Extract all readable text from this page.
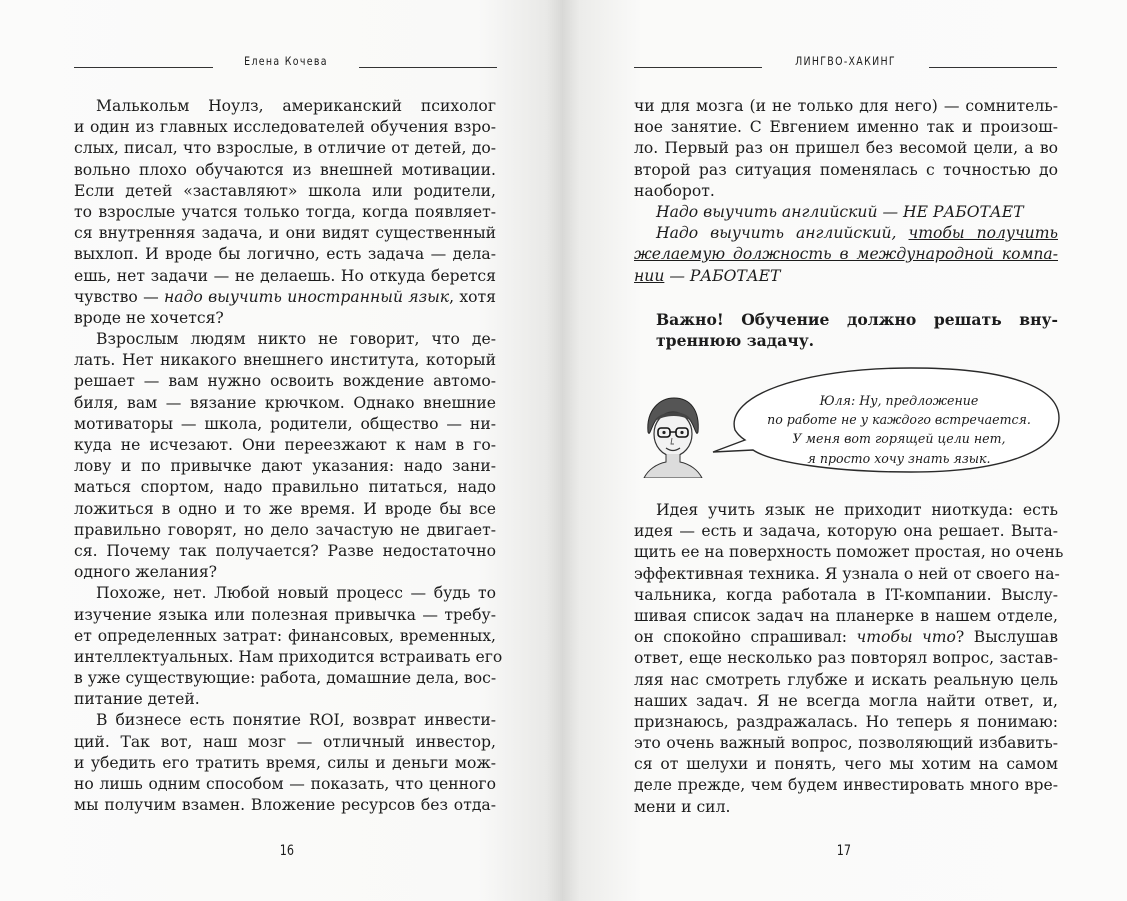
Елена Кочева
Малькольм Ноулз, американский психолог
и один из главных исследователей обучения взро-
слых, писал, что взрослые, в отличие от детей, до-
вольно плохо обучаются из внешней мотивации.
Если детей «заставляют» школа или родители,
то взрослые учатся только тогда, когда появляет-
ся внутренняя задача, и они видят существенный
выхлоп. И вроде бы логично, есть задача — дела-
ешь, нет задачи — не делаешь. Но откуда берется
чувство — надо выучить иностранный язык, хотя
вроде не хочется?
Взрослым людям никто не говорит, что де-
лать. Нет никакого внешнего института, который
решает — вам нужно освоить вождение автомо-
биля, вам — вязание крючком. Однако внешние
мотиваторы — школа, родители, общество — ни-
куда не исчезают. Они переезжают к нам в го-
лову и по привычке дают указания: надо зани-
маться спортом, надо правильно питаться, надо
ложиться в одно и то же время. И вроде бы все
правильно говорят, но дело зачастую не двигает-
ся. Почему так получается? Разве недостаточно
одного желания?
Похоже, нет. Любой новый процесс — будь то
изучение языка или полезная привычка — требу-
ет определенных затрат: финансовых, временных,
интеллектуальных. Нам приходится встраивать его
в уже существующие: работа, домашние дела, вос-
питание детей.
В бизнесе есть понятие ROI, возврат инвести-
ций. Так вот, наш мозг — отличный инвестор,
и убедить его тратить время, силы и деньги мож-
но лишь одним способом — показать, что ценного
мы получим взамен. Вложение ресурсов без отда-
16
ЛИНГВО-ХАКИНГ
чи для мозга (и не только для него) — сомнитель-
ное занятие. С Евгением именно так и произош-
ло. Первый раз он пришел без весомой цели, а во
второй раз ситуация поменялась с точностью до
наоборот.
Надо выучить английский — НЕ РАБОТАЕТ
Надо выучить английский, чтобы получить
желаемую должность в международной компа-
нии — РАБОТАЕТ
Важно! Обучение должно решать вну-
треннюю задачу.
Юля: Ну, предложение
по работе не у каждого встречается.
У меня вот горящей цели нет,
я просто хочу знать язык.
Идея учить язык не приходит ниоткуда: есть
идея — есть и задача, которую она решает. Выта-
щить ее на поверхность поможет простая, но очень
эффективная техника. Я узнала о ней от своего на-
чальника, когда работала в IT-компании. Выслу-
шивая список задач на планерке в нашем отделе,
он спокойно спрашивал: чтобы что? Выслушав
ответ, еще несколько раз повторял вопрос, застав-
ляя нас смотреть глубже и искать реальную цель
наших задач. Я не всегда могла найти ответ, и,
признаюсь, раздражалась. Но теперь я понимаю:
это очень важный вопрос, позволяющий избавить-
ся от шелухи и понять, чего мы хотим на самом
деле прежде, чем будем инвестировать много вре-
мени и сил.
17
